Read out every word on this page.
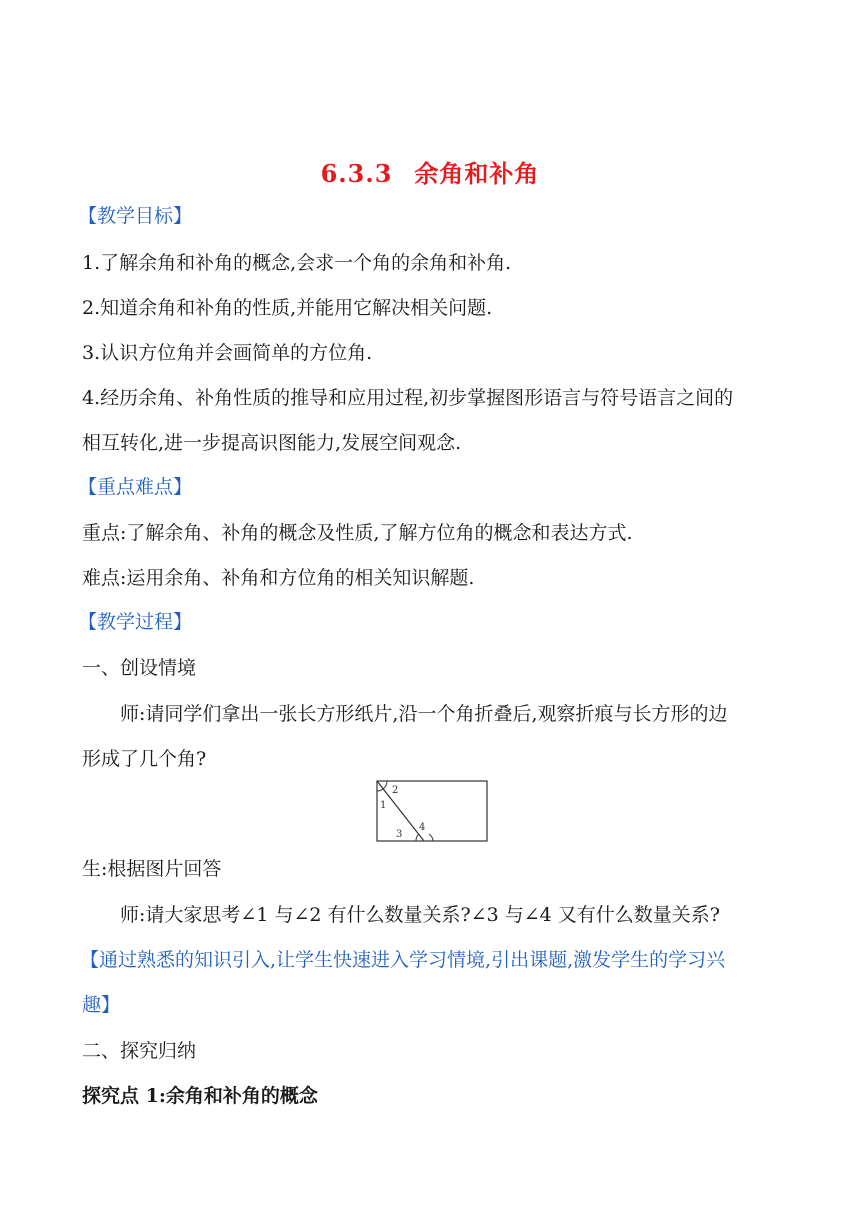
6.3.3 余角和补角
【教学目标】
1.了解余角和补角的概念,会求一个角的余角和补角.
2.知道余角和补角的性质,并能用它解决相关问题.
3.认识方位角并会画简单的方位角.
4.经历余角、补角性质的推导和应用过程,初步掌握图形语言与符号语言之间的
相互转化,进一步提高识图能力,发展空间观念.
【重点难点】
重点:了解余角、补角的概念及性质,了解方位角的概念和表达方式.
难点:运用余角、补角和方位角的相关知识解题.
【教学过程】
一、创设情境
师:请同学们拿出一张长方形纸片,沿一个角折叠后,观察折痕与长方形的边
形成了几个角?
1
2
3
4
生:根据图片回答
师:请大家思考∠1 与∠2 有什么数量关系?∠3 与∠4 又有什么数量关系?
【通过熟悉的知识引入,让学生快速进入学习情境,引出课题,激发学生的学习兴
趣】
二、探究归纳
探究点 1:余角和补角的概念
